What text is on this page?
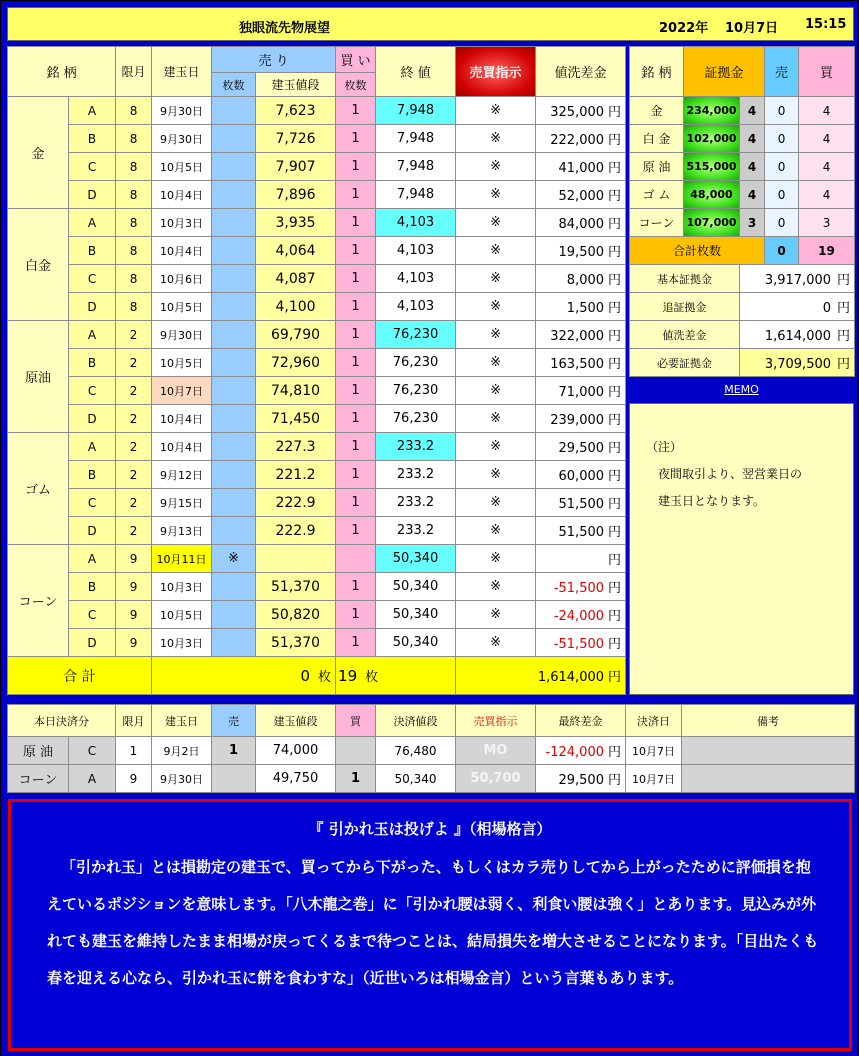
独眼流先物展望	2022年 10月7日 15:15
銘 柄		限月	建玉日	売 り		買 い	終 値	売買指示	値洗差金
				枚数	建玉値段	枚数			
金	A	8	9月30日		7,623	1	7,948	※	325,000 円
	B	8	9月30日		7,726	1	7,948	※	222,000 円
	C	8	10月5日		7,907	1	7,948	※	41,000 円
	D	8	10月4日		7,896	1	7,948	※	52,000 円
白金	A	8	10月3日		3,935	1	4,103	※	84,000 円
	B	8	10月4日		4,064	1	4,103	※	19,500 円
	C	8	10月6日		4,087	1	4,103	※	8,000 円
	D	8	10月5日		4,100	1	4,103	※	1,500 円
原油	A	2	9月30日		69,790	1	76,230	※	322,000 円
	B	2	10月5日		72,960	1	76,230	※	163,500 円
	C	2	10月7日		74,810	1	76,230	※	71,000 円
	D	2	10月4日		71,450	1	76,230	※	239,000 円
ゴム	A	2	10月4日		227.3	1	233.2	※	29,500 円
	B	2	9月12日		221.2	1	233.2	※	60,000 円
	C	2	9月15日		222.9	1	233.2	※	51,500 円
	D	2	9月13日		222.9	1	233.2	※	51,500 円
コーン	A	9	10月11日	※			50,340	※	円
	B	9	10月3日		51,370	1	50,340	※	-51,500 円
	C	9	10月5日		50,820	1	50,340	※	-24,000 円
	D	9	10月3日		51,370	1	50,340	※	-51,500 円
合 計			0 枚			19 枚		1,614,000 円	
銘 柄	証拠金		売	買
金	234,000	4	0	4
白 金	102,000	4	0	4
原 油	515,000	4	0	4
ゴ ム	48,000	4	0	4
コーン	107,000	3	0	3
合計枚数			0	19
基本証拠金		3,917,000 円		
追証拠金		0 円		
値洗差金		1,614,000 円		
必要証拠金		3,709,500 円		
MEMO
（注）
夜間取引より、翌営業日の
建玉日となります。
本日決済分		限月	建玉日	売	建玉値段	買	決済値段	売買指示	最終差金	決済日	備考
原 油	C	1	9月2日	1	74,000		76,480	MO	-124,000 円	10月7日	
コーン	A	9	9月30日		49,750	1	50,340	50,700	29,500 円	10月7日	
『 引かれ玉は投げよ 』（相場格言）
「引かれ玉」とは損勘定の建玉で、買ってから下がった、もしくはカラ売りしてから上がったために評価損を抱えているポジションを意味します。「八木龍之巻」に「引かれ腰は弱く、利食い腰は強く」とあります。見込みが外れても建玉を維持したまま相場が戻ってくるまで待つことは、結局損失を増大させることになります。「目出たくも春を迎える心なら、引かれ玉に餅を食わすな」（近世いろは相場金言）という言葉もあります。
